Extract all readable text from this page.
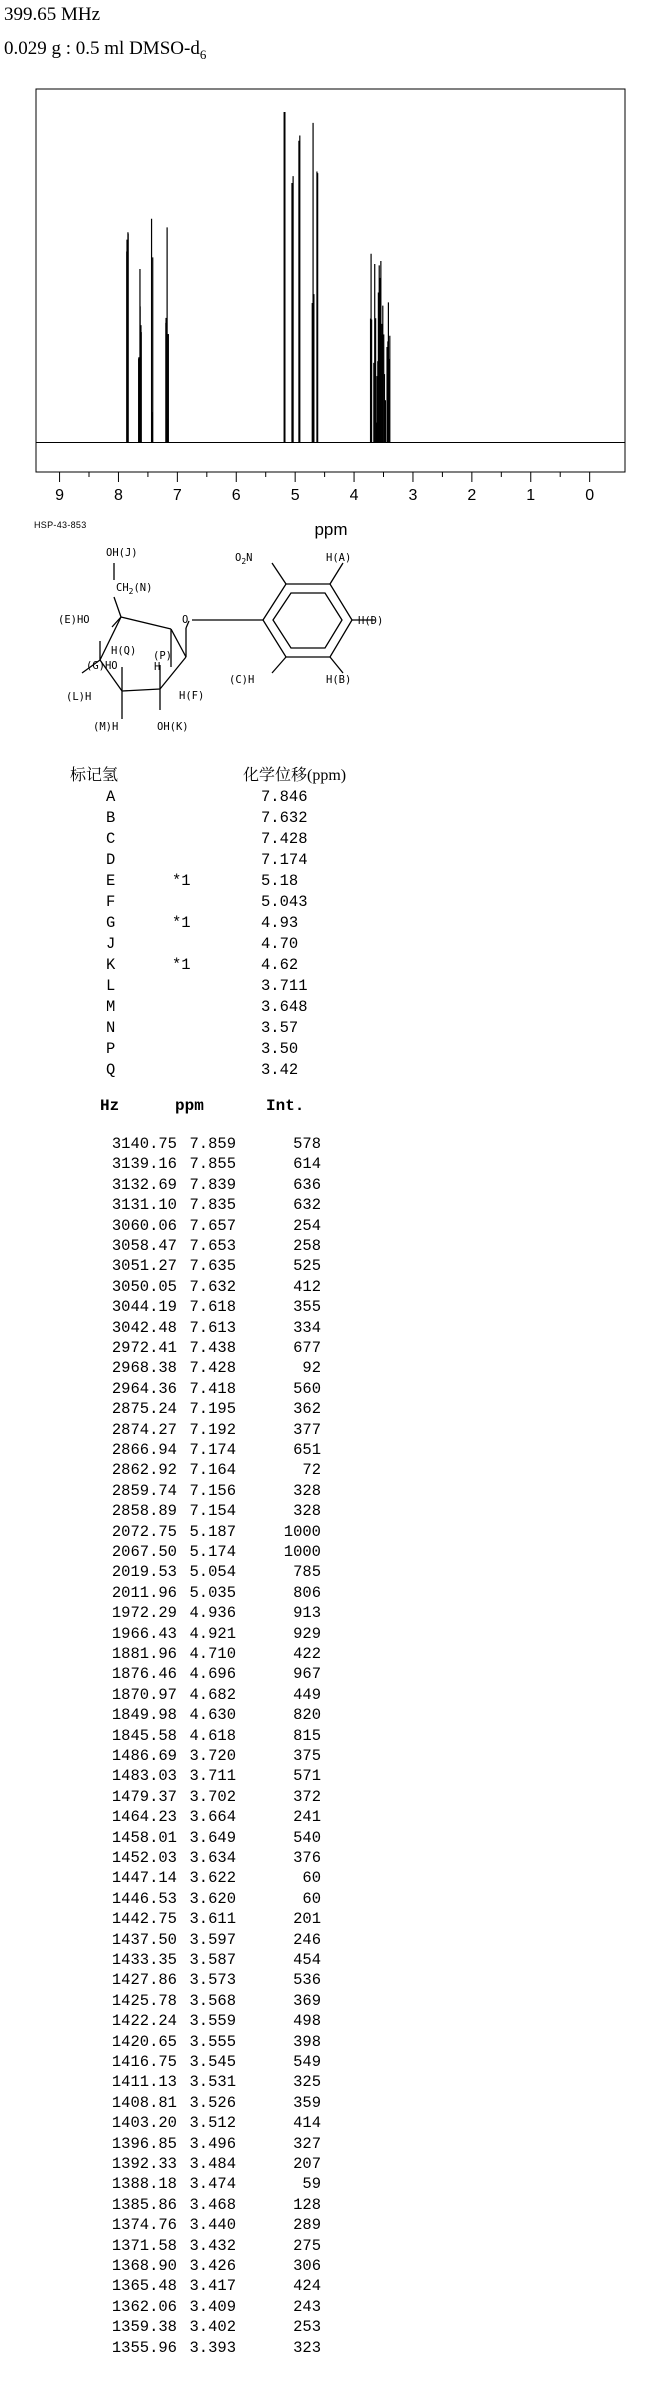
399.65 MHz
0.029 g : 0.5 ml DMSO-$d_6$
9	8	7	6	5	4	3	2	1	0
ppm
HSP-43-853
OH(J)
$CH_2(N)$
(E)HO
H(Q) (P)
H
(G)HO
O
(L)H	H(F)
(M)H	OH(K)
$O_2N$	H(A)
H(D)
(C)H	H(B)
标记氢	化学位移(ppm)
A	7.846
B	7.632
C	7.428
D	7.174
E	*1	5.18
F	5.043
G	*1	4.93
J	4.70
K	*1	4.62
L	3.711
M	3.648
N	3.57
P	3.50
Q	3.42
Hz	ppm	Int.
3140.75 7.859	578
3139.16 7.855	614
3132.69 7.839	636
3131.10 7.835	632
3060.06 7.657	254
3058.47 7.653	258
3051.27 7.635	525
3050.05 7.632	412
3044.19 7.618	355
3042.48 7.613	334
2972.41 7.438	677
2968.38 7.428	92
2964.36 7.418	560
2875.24 7.195	362
2874.27 7.192	377
2866.94 7.174	651
2862.92 7.164	72
2859.74 7.156	328
2858.89 7.154	328
2072.75 5.187	1000
2067.50 5.174	1000
2019.53 5.054	785
2011.96 5.035	806
1972.29 4.936	913
1966.43 4.921	929
1881.96 4.710	422
1876.46 4.696	967
1870.97 4.682	449
1849.98 4.630	820
1845.58 4.618	815
1486.69 3.720	375
1483.03 3.711	571
1479.37 3.702	372
1464.23 3.664	241
1458.01 3.649	540
1452.03 3.634	376
1447.14 3.622	60
1446.53 3.620	60
1442.75 3.611	201
1437.50 3.597	246
1433.35 3.587	454
1427.86 3.573	536
1425.78 3.568	369
1422.24 3.559	498
1420.65 3.555	398
1416.75 3.545	549
1411.13 3.531	325
1408.81 3.526	359
1403.20 3.512	414
1396.85 3.496	327
1392.33 3.484	207
1388.18 3.474	59
1385.86 3.468	128
1374.76 3.440	289
1371.58 3.432	275
1368.90 3.426	306
1365.48 3.417	424
1362.06 3.409	243
1359.38 3.402	253
1355.96 3.393	323
